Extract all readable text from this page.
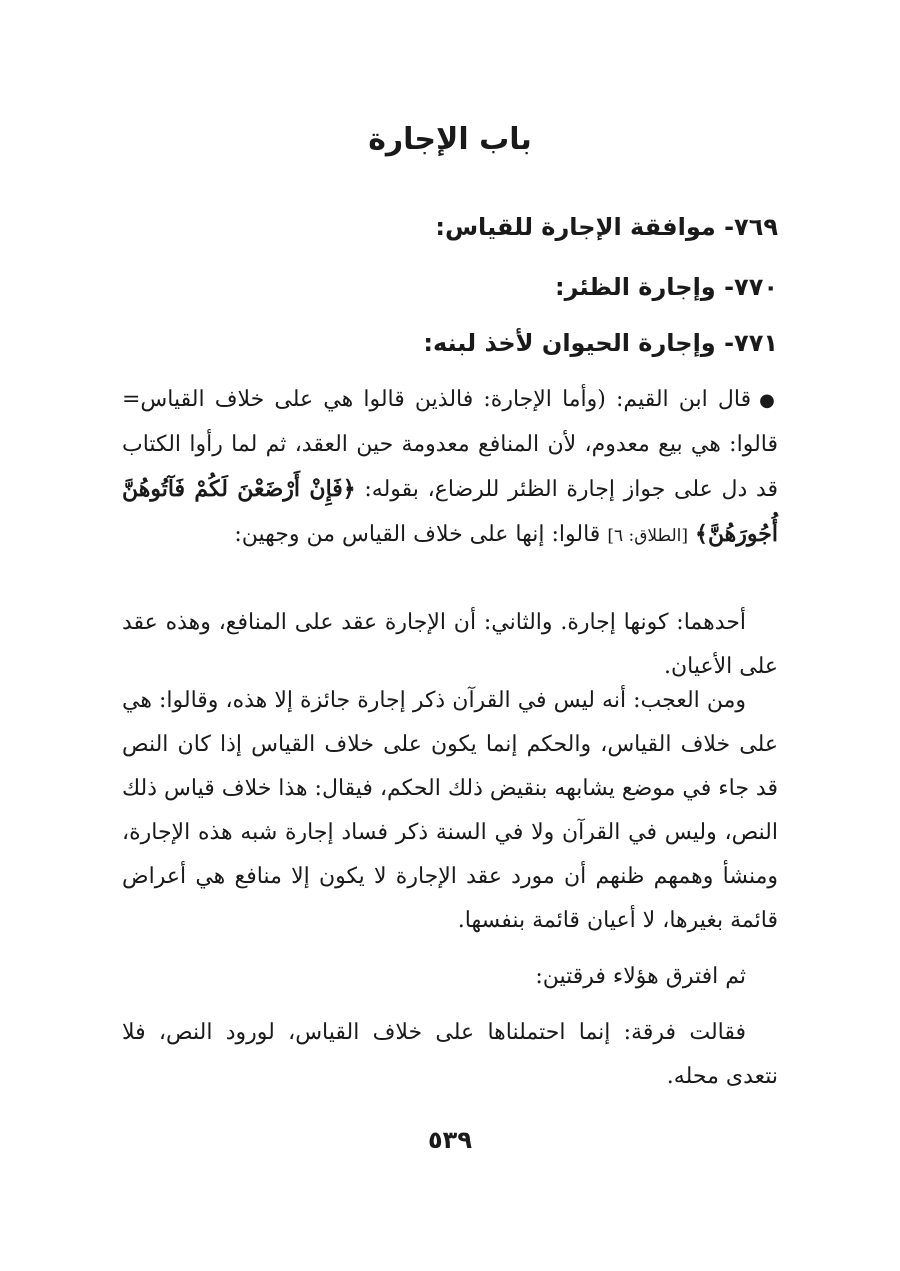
باب الإجارة
٧٦٩- موافقة الإجارة للقياس:
٧٧٠- وإجارة الظئر:
٧٧١- وإجارة الحيوان لأخذ لبنه:

●قال ابن القيم: (وأما الإجارة: فالذين قالوا هي على خلاف القياس= قالوا: هي بيع معدوم، لأن المنافع معدومة حين العقد، ثم لما رأوا الكتاب قد دل على جواز إجارة الظئر للرضاع، بقوله: ﴿فَإِنْ أَرْضَعْنَ لَكُمْ فَآتُوهُنَّ أُجُورَهُنَّ﴾ [الطلاق: ٦] قالوا: إنها على خلاف القياس من وجهين:

أحدهما: كونها إجارة. والثاني: أن الإجارة عقد على المنافع، وهذه عقد على الأعيان.

ومن العجب: أنه ليس في القرآن ذكر إجارة جائزة إلا هذه، وقالوا: هي على خلاف القياس، والحكم إنما يكون على خلاف القياس إذا كان النص قد جاء في موضع يشابهه بنقيض ذلك الحكم، فيقال: هذا خلاف قياس ذلك النص، وليس في القرآن ولا في السنة ذكر فساد إجارة شبه هذه الإجارة، ومنشأ وهمهم ظنهم أن مورد عقد الإجارة لا يكون إلا منافع هي أعراض قائمة بغيرها، لا أعيان قائمة بنفسها.

ثم افترق هؤلاء فرقتين:

فقالت فرقة: إنما احتملناها على خلاف القياس، لورود النص، فلا نتعدى محله.

٥٣٩
